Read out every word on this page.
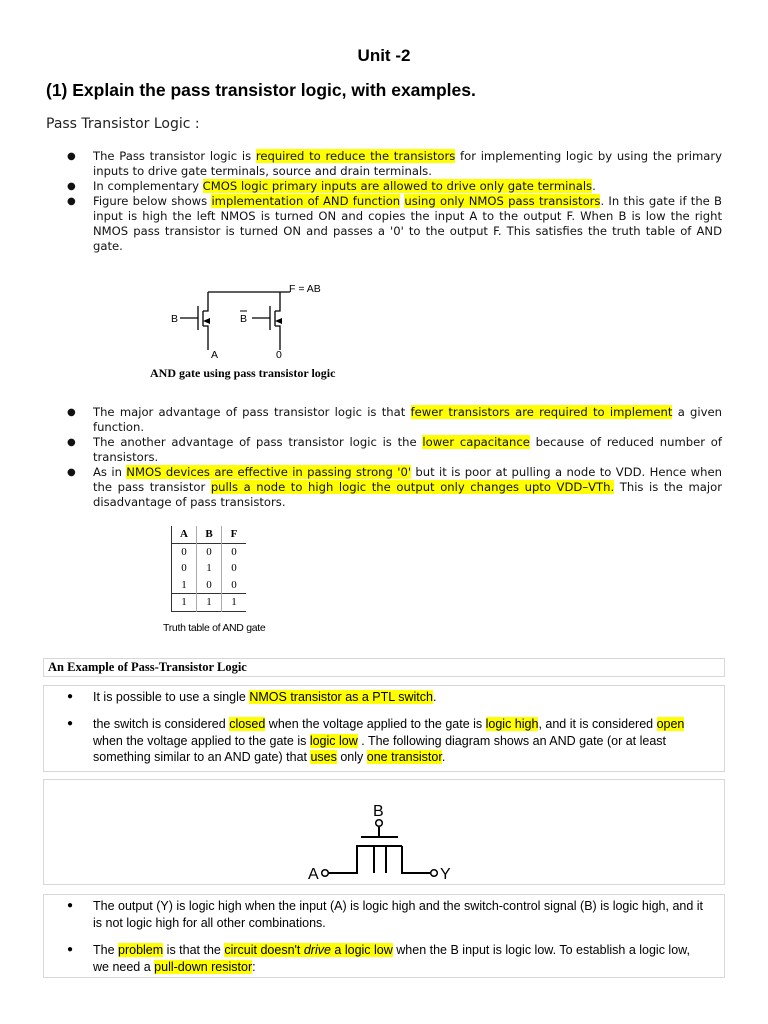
Unit -2
(1) Explain the pass transistor logic, with examples.
Pass Transistor Logic :
● The Pass transistor logic is required to reduce the transistors for implementing logic by using the primary inputs to drive gate terminals, source and drain terminals.

● In complementary CMOS logic primary inputs are allowed to drive only gate terminals.

● Figure below shows implementation of AND function using only NMOS pass transistors. In this gate if the B input is high the left NMOS is turned ON and copies the input A to the output F. When B is low the right NMOS pass transistor is turned ON and passes a '0' to the output F. This satisfies the truth table of AND gate.

F = AB
B	B
A	0
AND gate using pass transistor logic
● The major advantage of pass transistor logic is that fewer transistors are required to implement a given function.

● The another advantage of pass transistor logic is the lower capacitance because of reduced number of transistors.

● As in NMOS devices are effective in passing strong '0' but it is poor at pulling a node to VDD. Hence when the pass transistor pulls a node to high logic the output only changes upto VDD–VTh. This is the major disadvantage of pass transistors.

A	B	F
0	0	0
0	1	0
1	0	0
1	1	1
Truth table of AND gate
An Example of Pass-Transistor Logic
● It is possible to use a single NMOS transistor as a PTL switch.

● the switch is considered closed when the voltage applied to the gate is logic high, and it is considered open when the voltage applied to the gate is logic low . The following diagram shows an AND gate (or at least something similar to an AND gate) that uses only one transistor.

B
A	Y
● The output (Y) is logic high when the input (A) is logic high and the switch-control signal (B) is logic high, and it is not logic high for all other combinations.

● The problem is that the circuit doesn't drive a logic low when the B input is logic low. To establish a logic low, we need a pull-down resistor:
